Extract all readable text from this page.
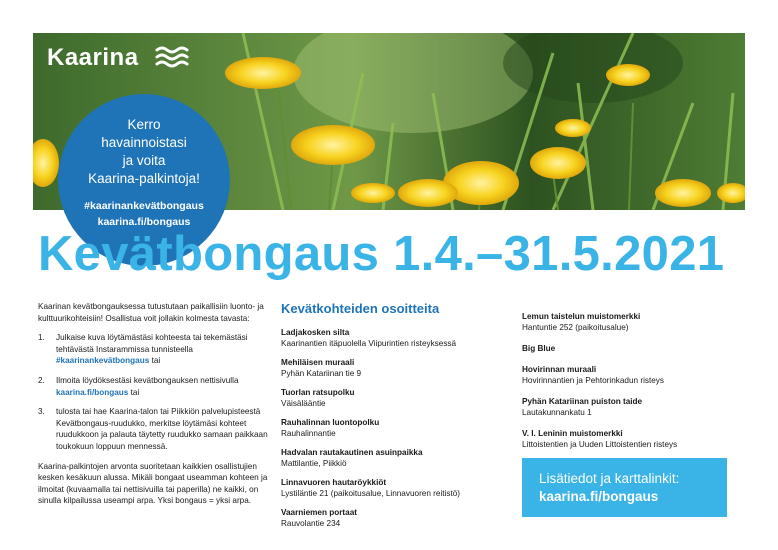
Kaarina
Kerro
havainnoistasi
ja voita
Kaarina-palkintoja!
#kaarinankevätbongaus
kaarina.fi/bongaus
Kevätbongaus 1.4.–31.5.2021

Kaarinan kevätbongauksessa tutustutaan paikallisiin luonto- ja kulttuurikohteisiin! Osallistua voit jollakin kolmesta tavasta:

1. Julkaise kuva löytämästäsi kohteesta tai tekemästäsi tehtävästä Instarammissa tunnisteella #kaarinankevätbongaus tai
2. Ilmoita löydöksestäsi kevätbongauksen nettisivulla kaarina.fi/bongaus tai
3. tulosta tai hae Kaarina-talon tai Piikkiön palvelupisteestä Kevätbongaus-ruudukko, merkitse löytämäsi kohteet ruudukkoon ja palauta täytetty ruudukko samaan paikkaan toukokuun loppuun mennessä.

Kaarina-palkintojen arvonta suoritetaan kaikkien osallistujien kesken kesäkuun alussa. Mikäli bongaat useamman kohteen ja ilmoitat (kuvaamalla tai nettisivuilla tai paperilla) ne kaikki, on sinulla kilpailussa useampi arpa. Yksi bongaus = yksi arpa.

Kevätkohteiden osoitteita
Ladjakosken silta
Kaarinantien itäpuolella Viipurintien risteyksessä
Mehiläisen muraali
Pyhän Katariinan tie 9
Tuorlan ratsupolku
Väisälääntie
Rauhalinnan luontopolku
Rauhalinnantie
Hadvalan rautakautinen asuinpaikka
Mattilantie, Piikkiö
Linnavuoren hautaröykkiöt
Lystiläntie 21 (paikoitusalue, Linnavuoren reitistö)
Vaarniemen portaat
Rauvolantie 234
Lemun taistelun muistomerkki
Hantuntie 252 (paikoitusalue)
Big Blue
Hovirinnan muraali
Hovirinnantien ja Pehtorinkadun risteys
Pyhän Katariinan puiston taide
Lautakunnankatu 1
V. I. Leninin muistomerkki
Littoistentien ja Uuden Littoistentien risteys
Lisätiedot ja karttalinkit:
kaarina.fi/bongaus
